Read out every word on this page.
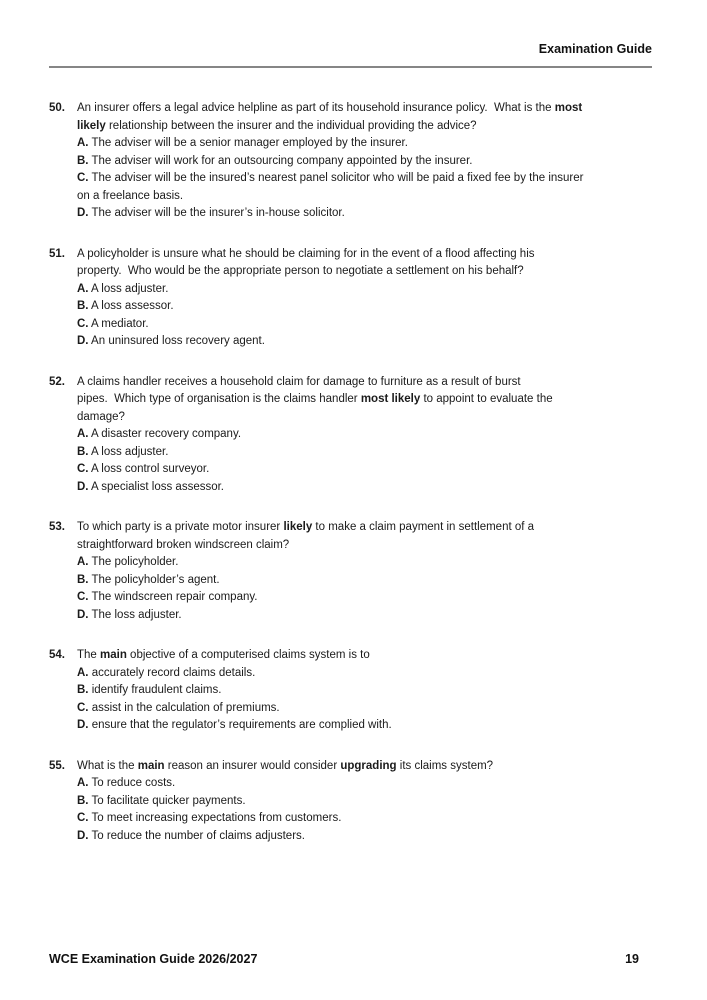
Examination Guide
50.	An insurer offers a legal advice helpline as part of its household insurance policy.  What is the most
likely relationship between the insurer and the individual providing the advice?
A. The adviser will be a senior manager employed by the insurer.
B. The adviser will work for an outsourcing company appointed by the insurer.
C. The adviser will be the insured’s nearest panel solicitor who will be paid a fixed fee by the insurer
on a freelance basis.
D. The adviser will be the insurer’s in-house solicitor.
51.	A policyholder is unsure what he should be claiming for in the event of a flood affecting his
property.  Who would be the appropriate person to negotiate a settlement on his behalf?
A. A loss adjuster.
B. A loss assessor.
C. A mediator.
D. An uninsured loss recovery agent.
52.	A claims handler receives a household claim for damage to furniture as a result of burst
pipes.  Which type of organisation is the claims handler most likely to appoint to evaluate the
damage?
A. A disaster recovery company.
B. A loss adjuster.
C. A loss control surveyor.
D. A specialist loss assessor.
53.	To which party is a private motor insurer likely to make a claim payment in settlement of a
straightforward broken windscreen claim?
A. The policyholder.
B. The policyholder’s agent.
C. The windscreen repair company.
D. The loss adjuster.
54.	The main objective of a computerised claims system is to
A. accurately record claims details.
B. identify fraudulent claims.
C. assist in the calculation of premiums.
D. ensure that the regulator’s requirements are complied with.
55.	What is the main reason an insurer would consider upgrading its claims system?
A. To reduce costs.
B. To facilitate quicker payments.
C. To meet increasing expectations from customers.
D. To reduce the number of claims adjusters.
WCE Examination Guide 2026/2027	19
